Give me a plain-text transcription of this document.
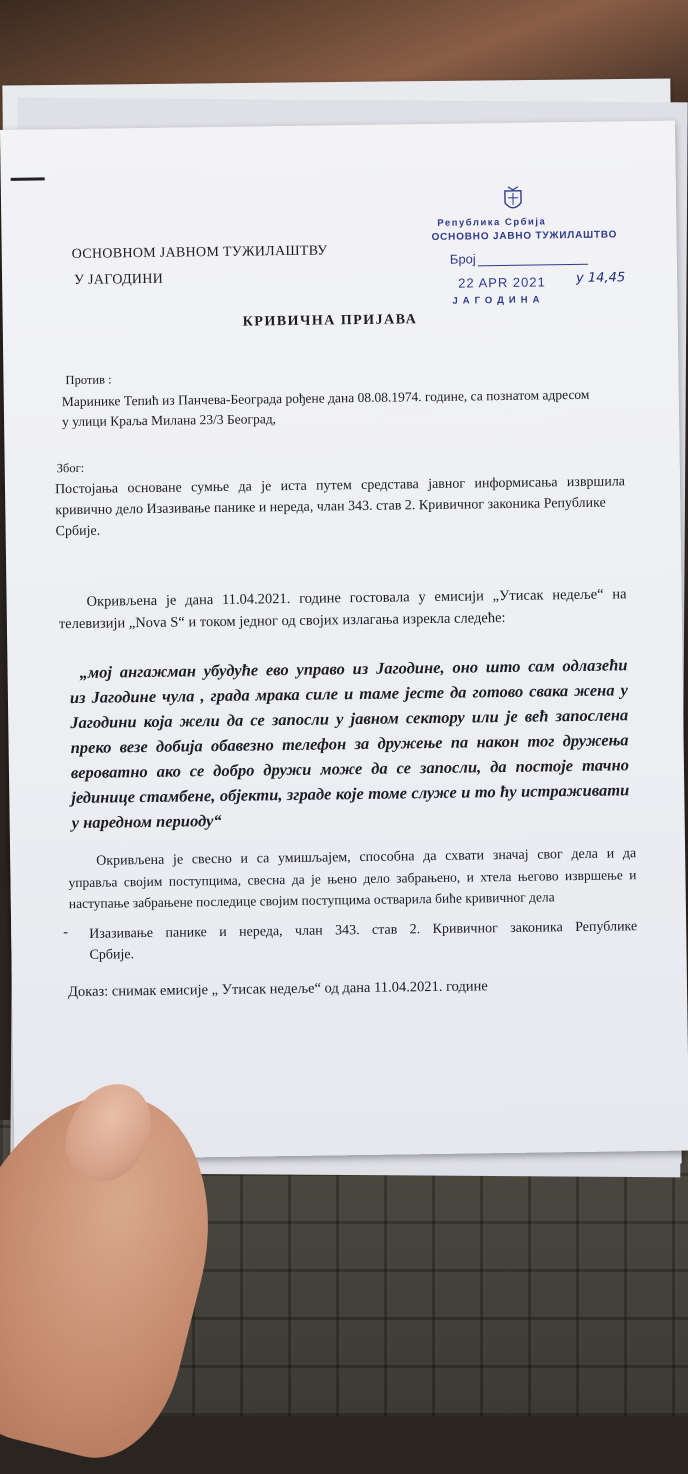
Република Србија
ОСНОВНО ЈАВНО ТУЖИЛАШТВО
Број
22 APR 2021 у 14,45
ЈАГОДИНА
ОСНОВНОМ ЈАВНОМ ТУЖИЛАШТВУ
У ЈАГОДИНИ
КРИВИЧНА ПРИЈАВА
Против :
Маринике Тепић из Панчева-Београда рођене дана 08.08.1974. године, са познатом адресом
у улици Краља Милана 23/3 Београд,
Због:
Постојања основане сумње да је иста путем средстава јавног информисања извршила
кривично дело Изазивање панике и нереда, члан 343. став 2. Кривичног законика Републике
Србије.
Окривљена је дана 11.04.2021. године гостовала у емисији „Утисак недеље“ на
телевизији „Nova S“ и током једног од својих излагања изрекла следеће:
„мој ангажман убудуће ево управо из Јагодине, оно што сам одлазећи
из Јагодине чула , града мрака силе и таме јесте да готово свака жена у
Јагодини која жели да се запосли у јавном сектору или је већ запослена
преко везе добија обавезно телефон за дружење па након тог дружења
вероватно ако се добро дружи може да се запосли, да постоје тачно
јединице стамбене, објекти, зграде које томе служе и то ћу истраживати
у наредном периоду“
Окривљена је свесно и са умишљајем, способна да схвати значај свог дела и да
управља својим поступцима, свесна да је њено дело забрањено, и хтела његово извршење и
наступање забрањене последице својим поступцима остварила биће кривичног дела
- Изазивање панике и нереда, члан 343. став 2. Кривичног законика Републике
Србије.
Доказ: снимак емисије „ Утисак недеље“ од дана 11.04.2021. године
